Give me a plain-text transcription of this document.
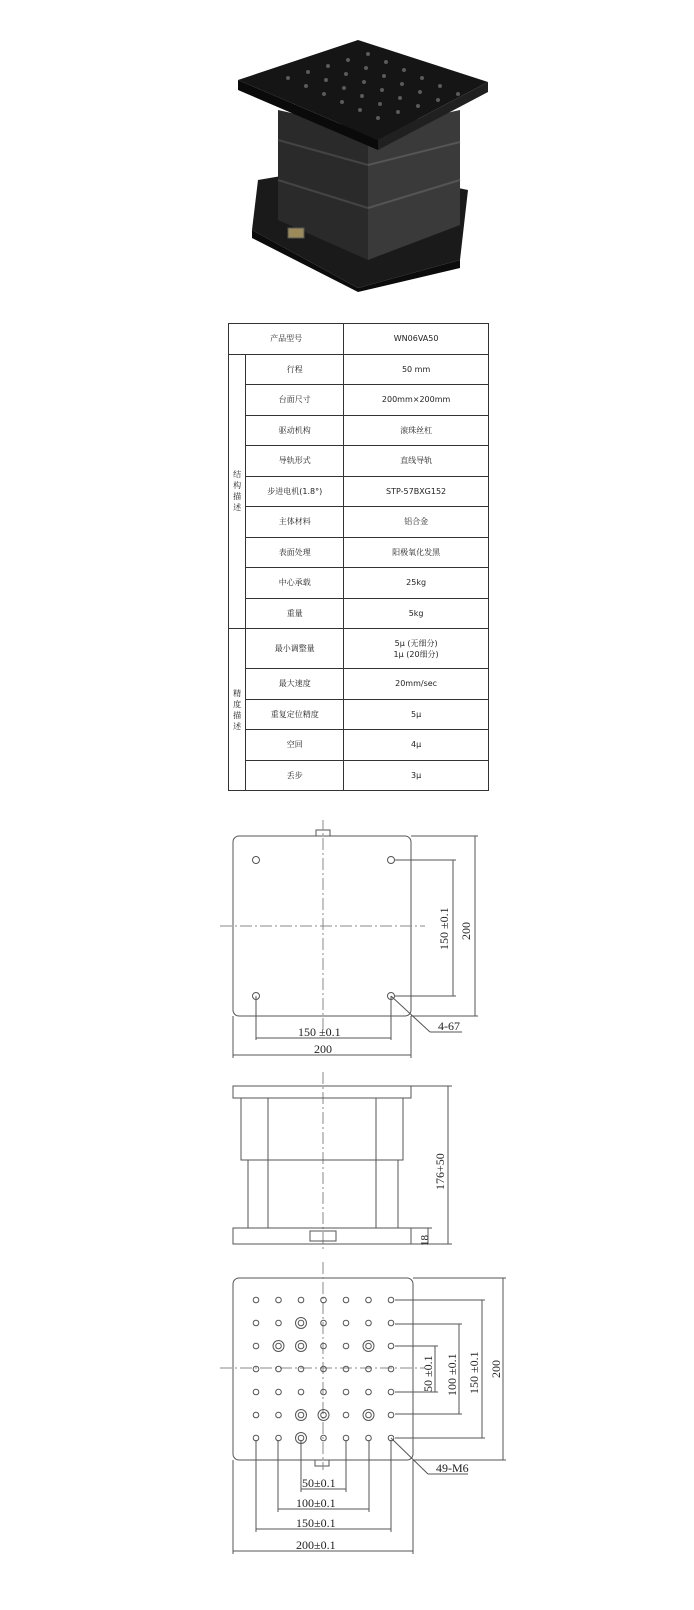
产品型号		WN06VA50
结构描述	行程	50 mm
	台面尺寸	200mm×200mm
	驱动机构	滚珠丝杠
	导轨形式	直线导轨
	步进电机(1.8°)	STP-57BXG152
	主体材料	铝合金
	表面处理	阳极氧化发黑
	中心承载	25kg
	重量	5kg
精度描述	最小调整量	5μ (无细分)
1μ (20细分)

	最大速度	20mm/sec
	重复定位精度	5μ
	空回	4μ
	丢步	3μ
150 ±0.1
200
150 ±0.1 200
4-67
176+50
18
50 ±0.1 100 ±0.1 150 ±0.1 200
49-M6
50±0.1
100±0.1
150±0.1
200±0.1
